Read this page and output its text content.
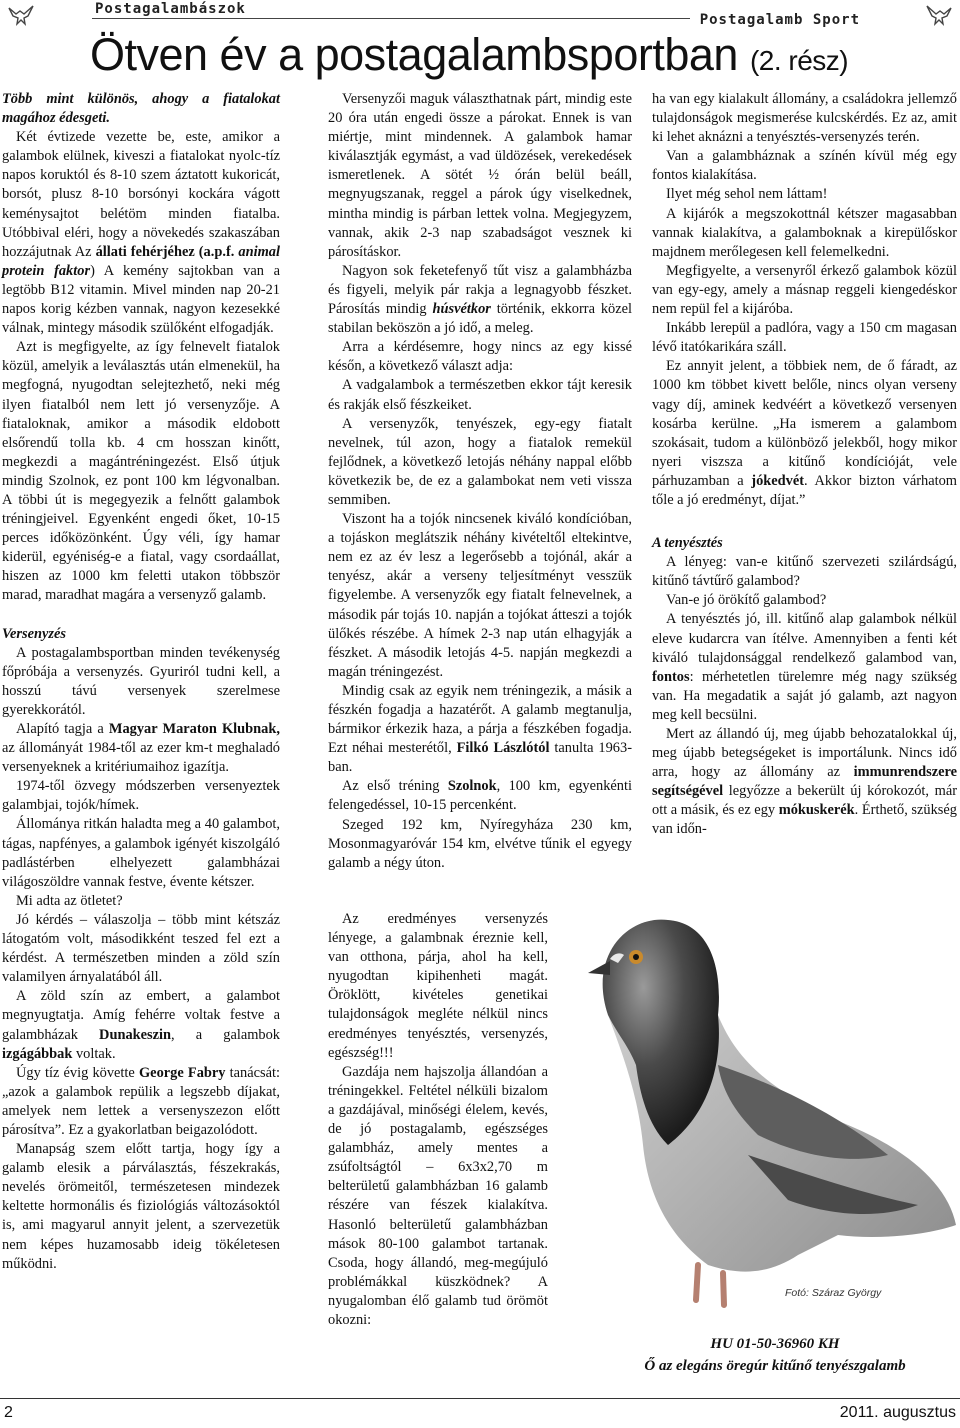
Postagalambászok
Postagalamb Sport
Ötven év a postagalambsportban (2. rész)

Több mint különös, ahogy a fiatalokat magához édesgeti.

Két évtizede vezette be, este, amikor a galambok elülnek, kiveszi a fiatalokat nyolc-tíz napos koruktól és 8-10 szem áztatott kukoricát, borsót, plusz 8-10 borsónyi kockára vágott keménysajtot belétöm minden fiatalba. Utóbbival eléri, hogy a növekedés szakaszában hozzájutnak Az állati fehérjéhez (a.p.f. animal protein faktor) A kemény sajtokban van a legtöbb B12 vitamin. Mivel minden nap 20-21 napos korig kézben vannak, nagyon kezesekké válnak, mintegy második szülőként elfogadják.

Azt is megfigyelte, az így felnevelt fiatalok közül, amelyik a leválasztás után elmenekül, ha megfogná, nyugodtan selejtezhető, neki még ilyen fiatalból nem lett jó versenyzője. A fiataloknak, amikor a második eldobott elsőrendű tolla kb. 4 cm hosszan kinőtt, megkezdi a magántréningezést. Első útjuk mindig Szolnok, ez pont 100 km légvonalban. A többi út is megegyezik a felnőtt galambok tréningjeivel. Egyenként engedi őket, 10-15 perces időközönként. Úgy véli, így hamar kiderül, egyéniség-e a fiatal, vagy csordaállat, hiszen az 1000 km feletti utakon többször marad, maradhat magára a versenyző galamb.

Versenyzés

A postagalambsportban minden tevékenység főpróbája a versenyzés. Gyuriról tudni kell, a hosszú távú versenyek szerelmese gyerekkorától.

Alapító tagja a Magyar Maraton Klubnak, az állományát 1984-től az ezer km-t meghaladó versenyeknek a kritériumaihoz igazítja.

1974-től özvegy módszerben versenyeztek galambjai, tojók/hímek.

Állománya ritkán haladta meg a 40 galambot, tágas, napfényes, a galambok igényét kiszolgáló padlástérben elhelyezett galambházai világoszöldre vannak festve, évente kétszer.

Mi adta az ötletet?

Jó kérdés – válaszolja – több mint kétszáz látogatóm volt, másodikként teszed fel ezt a kérdést. A természetben minden a zöld szín valamilyen árnyalatából áll.

A zöld szín az embert, a galambot megnyugtatja. Amíg fehérre voltak festve a galambházak Dunakeszin, a galambok izgágábbak voltak.

Úgy tíz évig követte George Fabry tanácsát: „azok a galambok repülik a legszebb díjakat, amelyek nem lettek a versenyszezon előtt párosítva”. Ez a gyakorlatban beigazolódott.

Manapság szem előtt tartja, hogy így a galamb elesik a párválasztás, fészekrakás, nevelés örömeitől, természetesen mindezek keltette hormonális és fiziológiás változásoktól is, ami magyarul annyit jelent, a szervezetük nem képes huzamosabb ideig tökéletesen működni.

Versenyzői maguk választhatnak párt, mindig este 20 óra után engedi össze a párokat. Ennek is van miértje, mint mindennek. A galambok hamar kiválasztják egymást, a vad üldözések, verekedések ismeretlenek. A sötét ½ órán belül beáll, megnyugszanak, reggel a párok úgy viselkednek, mintha mindig is párban lettek volna. Megjegyzem, vannak, akik 2-3 nap szabadságot vesznek ki párosításkor.

Nagyon sok feketefenyő tűt visz a galambházba és figyeli, melyik pár rakja a legnagyobb fészket. Párosítás mindig húsvétkor történik, ekkorra közel stabilan beköszön a jó idő, a meleg.

Arra a kérdésemre, hogy nincs az egy kissé későn, a következő választ adja:

A vadgalambok a természetben ekkor tájt keresik és rakják első fészkeiket.

A versenyzők, tenyészek, egy-egy fiatalt nevelnek, túl azon, hogy a fiatalok remekül fejlődnek, a következő letojás néhány nappal előbb következik be, de ez a galambokat nem veti vissza semmiben.

Viszont ha a tojók nincsenek kiváló kondícióban, a tojáskon meglátszik néhány kivételtől eltekintve, nem ez az év lesz a legerősebb a tojónál, akár a tenyész, akár a verseny teljesítményt vesszük figyelembe. A versenyzők egy fiatalt felnevelnek, a második pár tojás 10. napján a tojókat átteszi a tojók ülőkés részébe. A hímek 2-3 nap után elhagyják a fészket. A második letojás 4-5. napján megkezdi a magán tréningezést.

Mindig csak az egyik nem tréningezik, a másik a fészkén fogadja a hazatérőt. A galamb megtanulja, bármikor érkezik haza, a párja a fészkében fogadja. Ezt néhai mesterétől, Filkó Lászlótól tanulta 1963-ban.

Az első tréning Szolnok, 100 km, egyenkénti felengedéssel, 10-15 percenként.

Szeged 192 km, Nyíregyháza 230 km, Mosonmagyaróvár 154 km, elvétve tűnik el egyegy galamb a négy úton.

Az eredményes versenyzés lényege, a galambnak éreznie kell, van otthona, párja, ahol ha kell, nyugodtan kipihenheti magát. Öröklött, kivételes genetikai tulajdonságok megléte nélkül nincs eredményes tenyésztés, versenyzés, egészség!!!

Gazdája nem hajszolja állandóan a tréningekkel. Feltétel nélküli bizalom a gazdájával, minőségi élelem, kevés, de jó postagalamb, egészséges galambház, amely mentes a zsúfoltságtól – 6x3x2,70 m belterületű galambházban 16 galamb részére van fészek kialakítva. Hasonló belterületű galambházban mások 80-100 galambot tartanak. Csoda, hogy állandó, meg-megújuló problémákkal küszködnek? A nyugalomban élő galamb tud örömöt okozni:

ha van egy kialakult állomány, a családokra jellemző tulajdonságok megismerése kulcskérdés. Ez az, amit ki lehet aknázni a tenyésztés-versenyzés terén.

Van a galambháznak a színén kívül még egy fontos kialakítása.

Ilyet még sehol nem láttam!

A kijárók a megszokottnál kétszer magasabban vannak kialakítva, a galamboknak a kirepülőskor majdnem merőlegesen kell felemelkedni.

Megfigyelte, a versenyről érkező galambok közül van egy-egy, amely a másnap reggeli kiengedéskor nem repül fel a kijáróba.

Inkább lerepül a padlóra, vagy a 150 cm magasan lévő itatókarikára száll.

Ez annyit jelent, a többiek nem, de ő fáradt, az 1000 km többet kivett belőle, nincs olyan verseny vagy díj, aminek kedvéért a következő versenyen kosárba kerülne. „Ha ismerem a galambom szokásait, tudom a különböző jelekből, hogy mikor nyeri viszsza a kitűnő kondícióját, vele párhuzamban a jókedvét. Akkor bizton várhatom tőle a jó eredményt, díjat.”

A tenyésztés

A lényeg: van-e kitűnő szervezeti szilárdságú, kitűnő távtűrő galambod?

Van-e jó örökítő galambod?

A tenyésztés jó, ill. kitűnő alap galambok nélkül eleve kudarcra van ítélve. Amennyiben a fenti két kiváló tulajdonsággal rendelkező galambod van, fontos: mérhetetlen türelemre még nagy szükség van. Ha megadatik a saját jó galamb, azt nagyon meg kell becsülni.

Mert az állandó új, meg újabb behozatalokkal új, meg újabb betegségeket is importálunk. Nincs idő arra, hogy az állomány az immunrendszere segítségével legyőzze a bekerült új kórokozót, már ott a másik, és ez egy mókuskerék. Érthető, szükség van időn-

Fotó: Száraz György
HU 01-50-36960 KH
Ő az elegáns öregúr kitűnő tenyészgalamb
2	2011. augusztus
